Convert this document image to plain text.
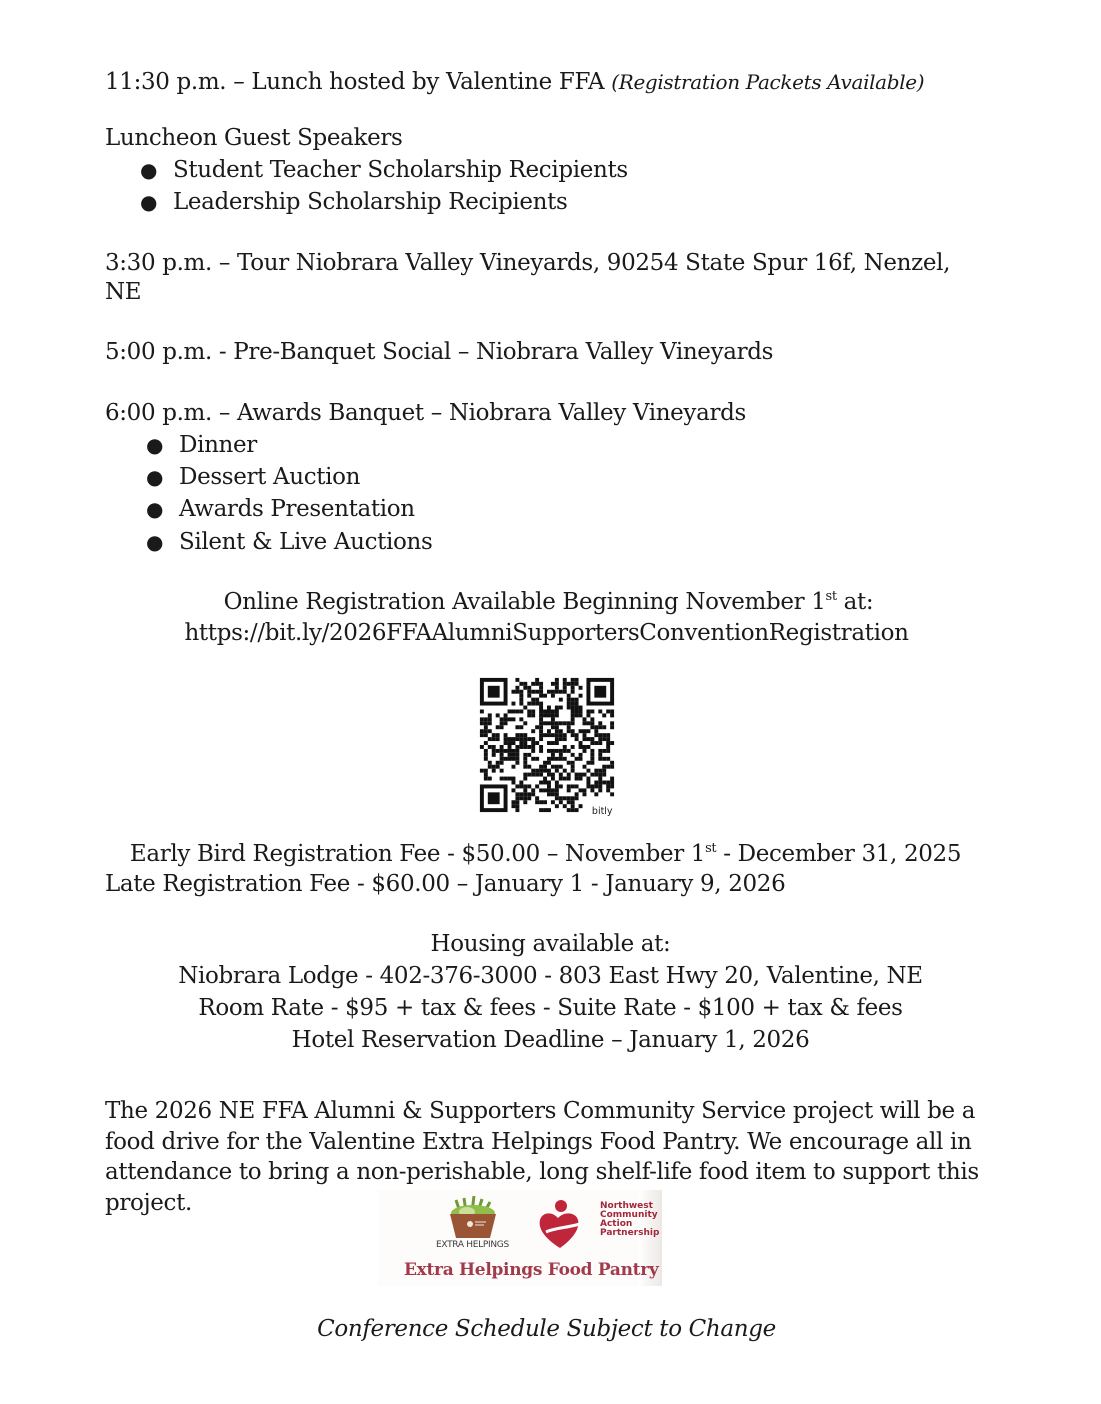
11:30 p.m. – Lunch hosted by Valentine FFA (Registration Packets Available)
Luncheon Guest Speakers
● Student Teacher Scholarship Recipients
● Leadership Scholarship Recipients
3:30 p.m. – Tour Niobrara Valley Vineyards, 90254 State Spur 16f, Nenzel,
NE
5:00 p.m. - Pre-Banquet Social – Niobrara Valley Vineyards
6:00 p.m. – Awards Banquet – Niobrara Valley Vineyards
● Dinner
● Dessert Auction
● Awards Presentation
● Silent & Live Auctions
Online Registration Available Beginning November 1st at:
https://bit.ly/2026FFAAlumniSupportersConventionRegistration
bitly
Early Bird Registration Fee - $50.00 – November 1st - December 31, 2025
Late Registration Fee - $60.00 – January 1 - January 9, 2026
Housing available at:
Niobrara Lodge - 402-376-3000 - 803 East Hwy 20, Valentine, NE
Room Rate - $95 + tax & fees - Suite Rate - $100 + tax & fees
Hotel Reservation Deadline – January 1, 2026
The 2026 NE FFA Alumni & Supporters Community Service project will be a food drive for the Valentine Extra Helpings Food Pantry. We encourage all in attendance to bring a non-perishable, long shelf-life food item to support this project.
EXTRA HELPINGS
Northwest
Community
Action
Partnership
Extra Helpings Food Pantry
Conference Schedule Subject to Change
